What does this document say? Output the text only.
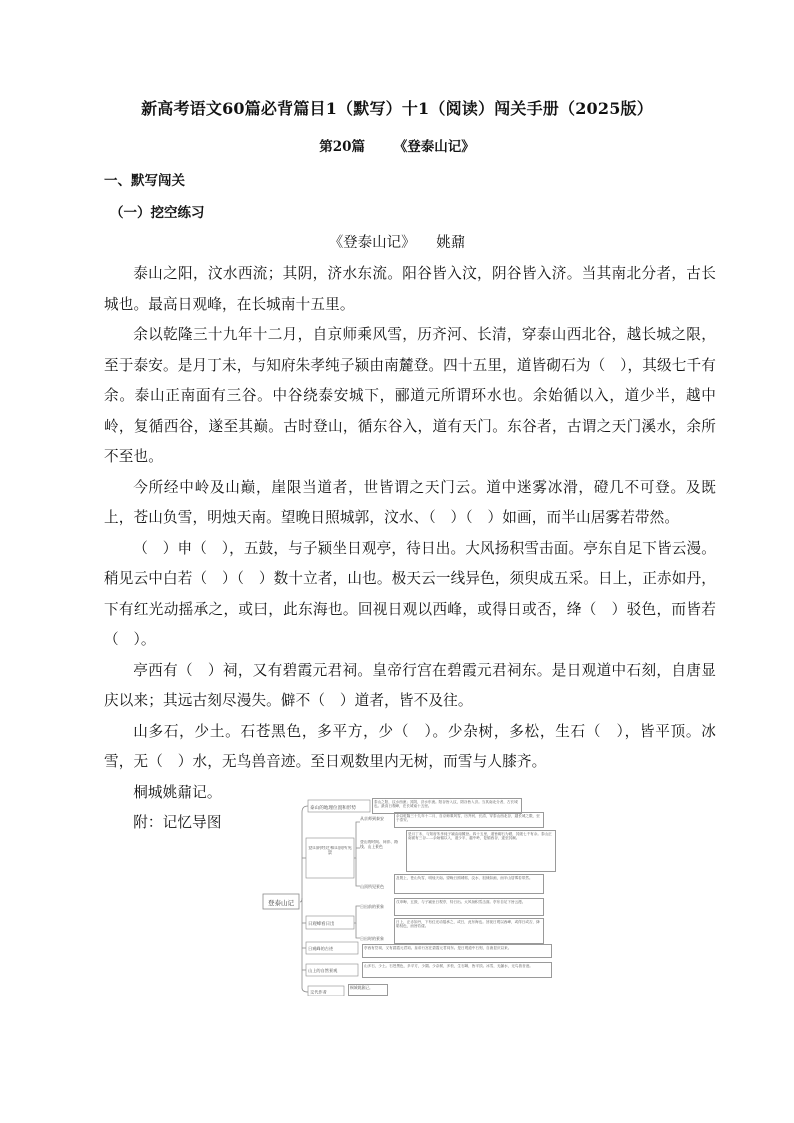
新高考语文60篇必背篇目1（默写）十1（阅读）闯关手册（2025版）
第20篇 《登泰山记》
一、默写闯关
（一）挖空练习
《登泰山记》 姚鼐

泰山之阳，汶水西流；其阴，济水东流。阳谷皆入汶，阴谷皆入济。当其南北分者，古长城也。最高日观峰，在长城南十五里。

余以乾隆三十九年十二月，自京师乘风雪，历齐河、长清，穿泰山西北谷，越长城之限，至于泰安。是月丁未，与知府朱孝纯子颍由南麓登。四十五里，道皆砌石为（　），其级七千有余。泰山正南面有三谷。中谷绕泰安城下，郦道元所谓环水也。余始循以入，道少半，越中岭，复循西谷，遂至其巅。古时登山，循东谷入，道有天门。东谷者，古谓之天门溪水，余所不至也。

今所经中岭及山巅，崖限当道者，世皆谓之天门云。道中迷雾冰滑，磴几不可登。及既上，苍山负雪，明烛天南。望晚日照城郭，汶水、（　）（　）如画，而半山居雾若带然。

（　）申（　），五鼓，与子颍坐日观亭，待日出。大风扬积雪击面。亭东自足下皆云漫。稍见云中白若（　）（　）数十立者，山也。极天云一线异色，须臾成五采。日上，正赤如丹，下有红光动摇承之，或曰，此东海也。回视日观以西峰，或得日或否，绛（　）驳色，而皆若（　）。

亭西有（　）祠，又有碧霞元君祠。皇帝行宫在碧霞元君祠东。是日观道中石刻，自唐显庆以来；其远古刻尽漫失。僻不（　）道者，皆不及往。

山多石，少土。石苍黑色，多平方，少（　）。少杂树，多松，生石（　），皆平顶。冰雪，无（　）水，无鸟兽音迹。至日观数里内无树，而雪与人膝齐。

桐城姚鼐记。

附：记忆导图

登泰山记
泰山的地理位置和形势
泰山之阳，汶水西流；其阴，济水东流。阳谷皆入汶，阴谷皆入济。当其南北分者，古长城也。最高日观峰，在长城南十五里。
登山的经过和山顶所见景
从京师到泰安	余以乾隆三十九年十二月，自京师乘风雪，历齐河、长清，穿泰山西北谷，越长城之限，至于泰安。
登山的时间、同伴、路线、山上景色
是月丁未，与知府朱孝纯子颍由南麓登。四十五里，道皆砌石为磴，其级七千有余。泰山正南面有三谷……余始循以入，道少半，越中岭，复循西谷，遂至其巅。
山顶所见景色
及既上，苍山负雪，明烛天南。望晚日照城郭，汶水、徂徕如画，而半山居雾若带然。
日观峰看日出
日出前的景象
戊申晦，五鼓，与子颍坐日观亭，待日出。大风扬积雪击面。亭东自足下皆云漫。
日出时的景象
日上，正赤如丹，下有红光动摇承之，或曰，此东海也。回视日观以西峰，或得日或否，绛皓驳色，而皆若偻。
日观峰的古迹	亭西有岱祠，又有碧霞元君祠。皇帝行宫在碧霞元君祠东。是日观道中石刻，自唐显庆以来。
山上的自然景观
山多石，少土。石苍黑色，多平方，少圜。少杂树，多松，生石罅，皆平顶。冰雪，无瀑水，无鸟兽音迹。
交代作者
桐城姚鼐记。
